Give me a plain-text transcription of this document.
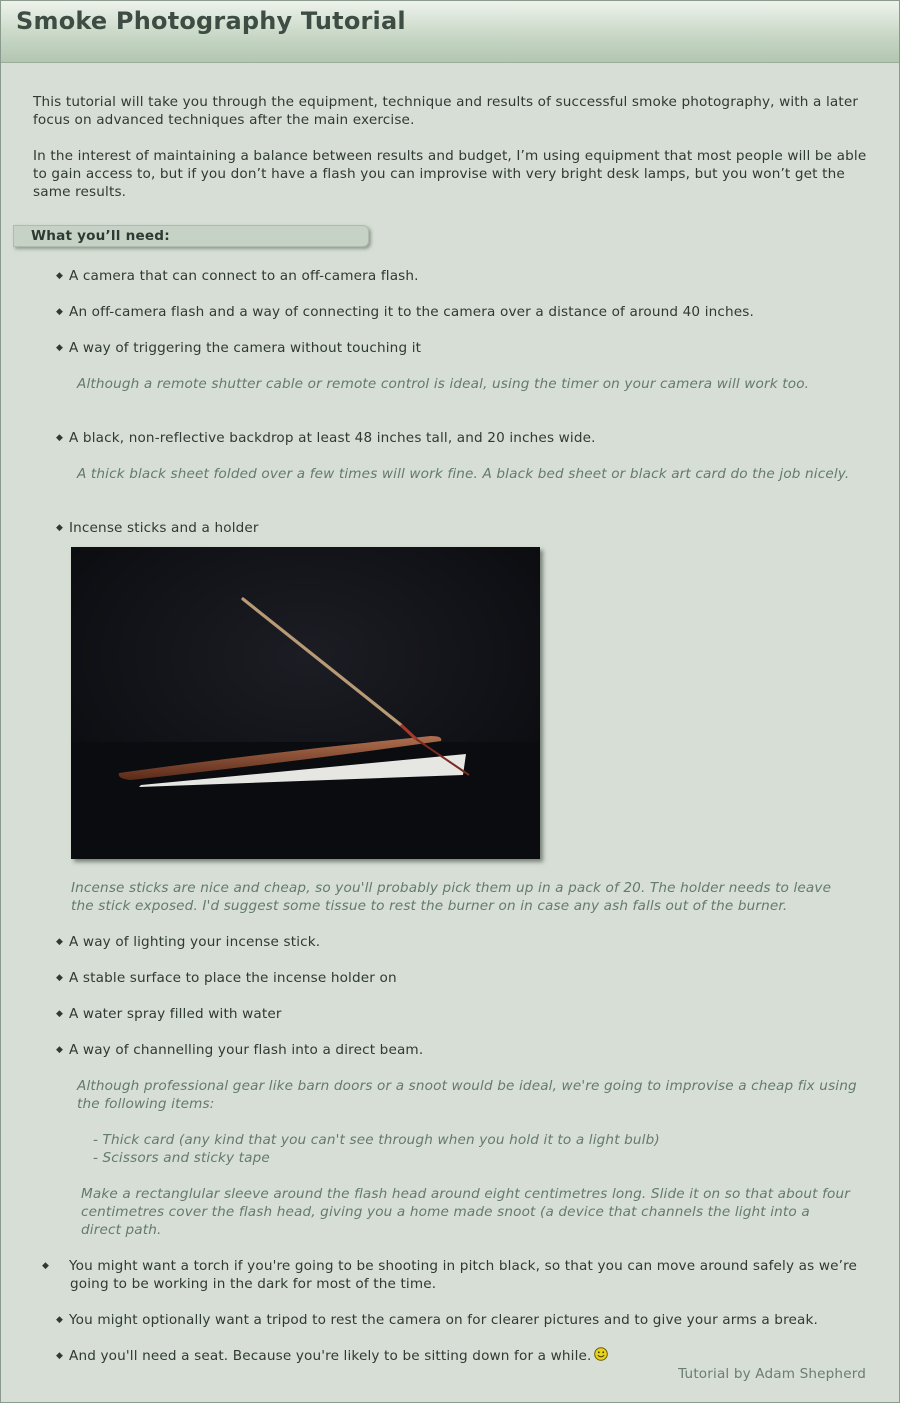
Smoke Photography Tutorial

This tutorial will take you through the equipment, technique and results of successful smoke photography, with a later focus on advanced techniques after the main exercise.

In the interest of maintaining a balance between results and budget, I’m using equipment that most people will be able to gain access to, but if you don’t have a flash you can improvise with very bright desk lamps, but you won’t get the same results.

What you’ll need:
◆ A camera that can connect to an off-camera flash.
◆ An off-camera flash and a way of connecting it to the camera over a distance of around 40 inches.
◆ A way of triggering the camera without touching it
Although a remote shutter cable or remote control is ideal, using the timer on your camera will work too.
◆ A black, non-reflective backdrop at least 48 inches tall, and 20 inches wide.
A thick black sheet folded over a few times will work fine. A black bed sheet or black art card do the job nicely.
◆ Incense sticks and a holder
Incense sticks are nice and cheap, so you'll probably pick them up in a pack of 20. The holder needs to leave the stick exposed. I'd suggest some tissue to rest the burner on in case any ash falls out of the burner.
◆ A way of lighting your incense stick.
◆ A stable surface to place the incense holder on
◆ A water spray filled with water
◆ A way of channelling your flash into a direct beam.
Although professional gear like barn doors or a snoot would be ideal, we're going to improvise a cheap fix using the following items:
- Thick card (any kind that you can't see through when you hold it to a light bulb)
- Scissors and sticky tape
Make a rectanglular sleeve around the flash head around eight centimetres long. Slide it on so that about four centimetres cover the flash head, giving you a home made snoot (a device that channels the light into a direct path.
◆ You might want a torch if you're going to be shooting in pitch black, so that you can move around safely as we’re going to be working in the dark for most of the time.
◆ You might optionally want a tripod to rest the camera on for clearer pictures and to give your arms a break.
◆ And you'll need a seat. Because you're likely to be sitting down for a while.
Tutorial by Adam Shepherd
